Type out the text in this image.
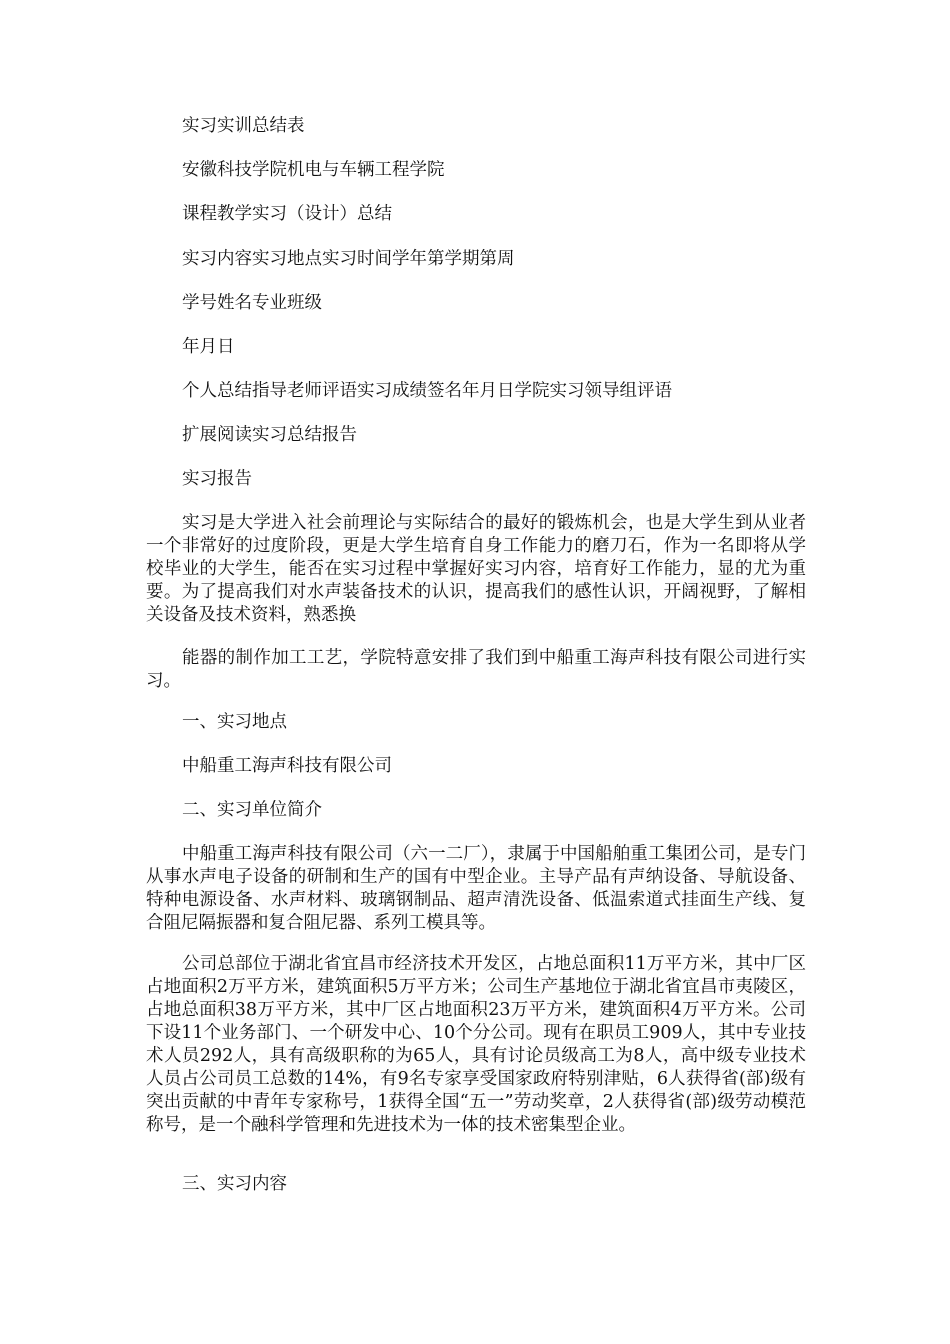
实习实训总结表

安徽科技学院机电与车辆工程学院

课程教学实习（设计）总结

实习内容实习地点实习时间学年第学期第周

学号姓名专业班级

年月日

个人总结指导老师评语实习成绩签名年月日学院实习领导组评语

扩展阅读实习总结报告

实习报告

实习是大学进入社会前理论与实际结合的最好的锻炼机会，也是大学生到从业者一个非常好的过度阶段，更是大学生培育自身工作能力的磨刀石，作为一名即将从学校毕业的大学生，能否在实习过程中掌握好实习内容，培育好工作能力，显的尤为重要。为了提高我们对水声装备技术的认识，提高我们的感性认识，开阔视野，了解相关设备及技术资料，熟悉换

能器的制作加工工艺，学院特意安排了我们到中船重工海声科技有限公司进行实习。

一、实习地点

中船重工海声科技有限公司

二、实习单位简介

中船重工海声科技有限公司（六一二厂），隶属于中国船舶重工集团公司，是专门从事水声电子设备的研制和生产的国有中型企业。主导产品有声纳设备、导航设备、特种电源设备、水声材料、玻璃钢制品、超声清洗设备、低温索道式挂面生产线、复合阻尼隔振器和复合阻尼器、系列工模具等。

公司总部位于湖北省宜昌市经济技术开发区，占地总面积11万平方米，其中厂区占地面积2万平方米，建筑面积5万平方米；公司生产基地位于湖北省宜昌市夷陵区，占地总面积38万平方米，其中厂区占地面积23万平方米，建筑面积4万平方米。公司下设11个业务部门、一个研发中心、10个分公司。现有在职员工909人，其中专业技术人员292人，具有高级职称的为65人，具有讨论员级高工为8人，高中级专业技术人员占公司员工总数的14%，有9名专家享受国家政府特别津贴，6人获得省(部)级有突出贡献的中青年专家称号，1获得全国“五一”劳动奖章，2人获得省(部)级劳动模范称号，是一个融科学管理和先进技术为一体的技术密集型企业。

三、实习内容
